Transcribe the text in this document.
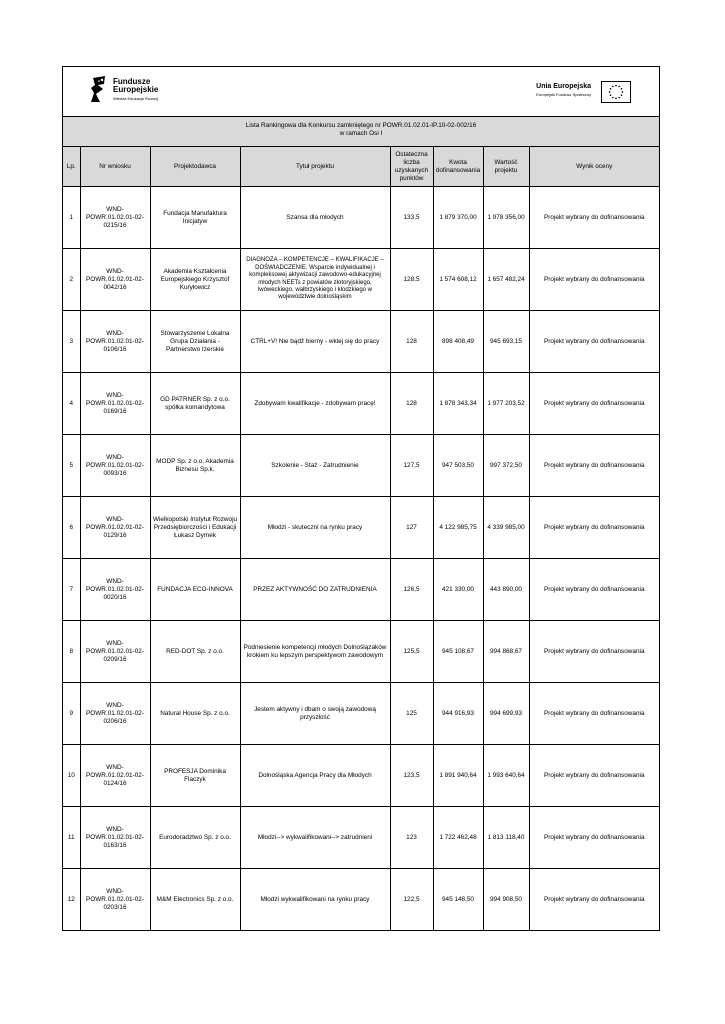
Fundusze
Europejskie
Wiedza Edukacja Rozwój
Unia Europejska
Europejski Fundusz Społeczny
Lista Rankingowa dla Konkursu zamkniętego nr POWR.01.02.01-IP.10-02-002/16
w ramach Osi I
Lp.	Nr wniosku	Projektodawca	Tytuł projektu	Ostateczna liczba uzyskanych punktów	Kwota dofinansowania	Wartość projektu	Wynik oceny
1	WND-POWR.01.02.01-02-0215/16	Fundacja Manufaktura Inicjatyw	Szansa dla młodych	133,5	1 879 370,00	1 978 356,00	Projekt wybrany do dofinansowania
2	WND-POWR.01.02.01-02-0042/16	Akademia Kształcenia Europejskiego Krzysztof Kuryłowicz	DIAGNOZA – KOMPETENCJE – KWALIFIKACJE – DOŚWIADCZENIE. Wsparcie indywidualnej i kompleksowej aktywizacji zawodowo-edukacyjnej młodych NEETs z powiatów złotoryjskiego, lwóweckiego, wałbrzyskiego i kłodzkiego w województwie dolnośląskim	128,5	1 574 608,12	1 657 482,24	Projekt wybrany do dofinansowania
3	WND-POWR.01.02.01-02-0106/16	Stowarzyszenie Lokalna Grupa Działania - Partnerstwo Izerskie	CTRL+V! Nie bądź bierny - wklej się do pracy	128	898 408,49	945 693,15	Projekt wybrany do dofinansowania
4	WND-POWR.01.02.01-02-0169/16	GD PATRNER Sp. z o.o. spółka komandytowa	Zdobywam kwalifikacje - zdobywam pracę!	128	1 878 343,34	1 977 203,52	Projekt wybrany do dofinansowania
5	WND-POWR.01.02.01-02-0093/16	MODP Sp. z o.o. Akademia Biznesu Sp.k.	Szkolenie - Staż - Zatrudnienie	127,5	947 503,50	997 372,50	Projekt wybrany do dofinansowania
6	WND-POWR.01.02.01-02-0129/16	Wielkopolski Instytut Rozwoju Przedsiębiorczości i Edukacji Łukasz Dymek	Młodzi - skuteczni na rynku pracy	127	4 122 985,75	4 339 985,00	Projekt wybrany do dofinansowania
7	WND-POWR.01.02.01-02-0020/16	FUNDACJA ECO-INNOVA	PRZEZ AKTYWNOŚĆ DO ZATRUDNIENIA	126,5	421 330,00	443 890,00	Projekt wybrany do dofinansowania
8	WND-POWR.01.02.01-02-0209/16	RED-DOT Sp. z o.o.	Podniesienie kompetencji młodych Dolnoślązaków krokiem ku lepszym perspektywom zawodowym	125,5	945 108,67	994 868,67	Projekt wybrany do dofinansowania
9	WND-POWR.01.02.01-02-0206/16	Natural House Sp. z o.o.	Jestem aktywny i dbam o swoją zawodową przyszłość	125	944 916,93	994 699,93	Projekt wybrany do dofinansowania
10	WND-POWR.01.02.01-02-0124/16	PROFESJA Dominika Flaczyk	Dolnośląska Agencja Pracy dla Młodych	123,5	1 891 940,64	1 993 640,64	Projekt wybrany do dofinansowania
11	WND-POWR.01.02.01-02-0163/16	Eurodoradztwo Sp. z o.o.	Młodzi--> wykwalifikowani--> zatrudnieni	123	1 722 462,48	1 813 118,40	Projekt wybrany do dofinansowania
12	WND-POWR.01.02.01-02-0203/16	M&M Electronics Sp. z o.o.	Młodzi wykwalifikowani na rynku pracy	122,5	945 148,50	994 908,50	Projekt wybrany do dofinansowania
